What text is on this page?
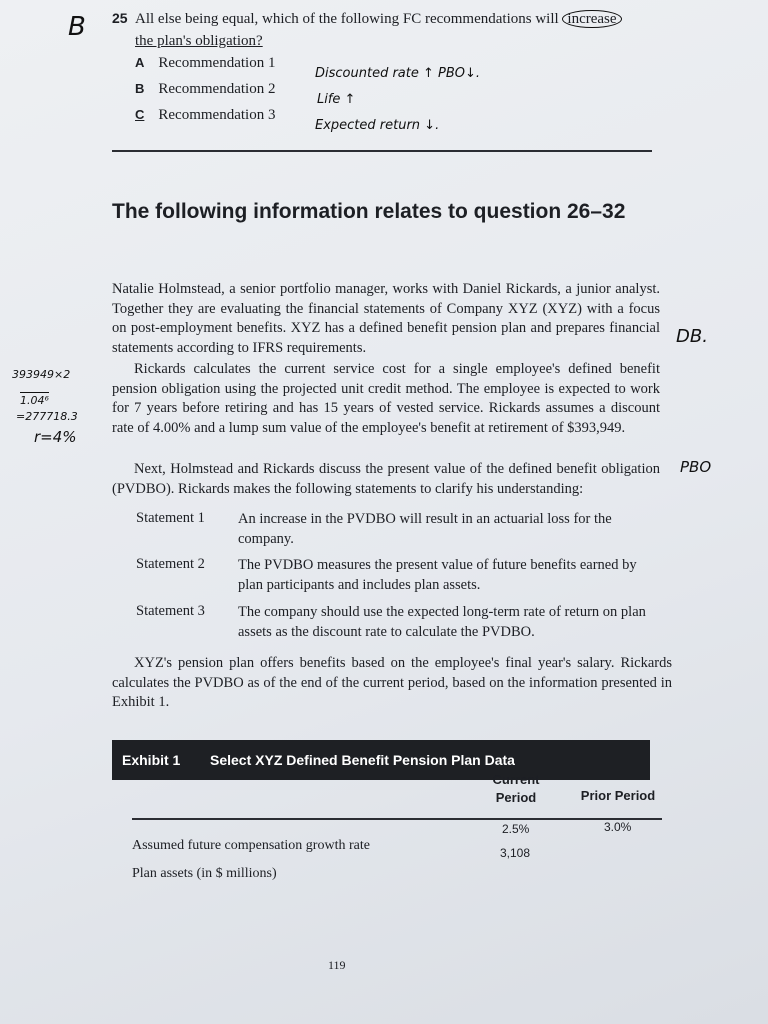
B 25 All else being equal, which of the following FC recommendations will increase
the plan's obligation?
A Recommendation 1
B Recommendation 2
C Recommendation 3
Discounted rate ↑ PBO↓.
Life ↑
Expected return ↓.
The following information relates to question 26–32
Natalie Holmstead, a senior portfolio manager, works with Daniel Rickards, a junior analyst. Together they are evaluating the financial statements of Company XYZ (XYZ) with a focus on post-employment benefits. XYZ has a defined benefit pension plan and prepares financial statements according to IFRS requirements.
DB.
Rickards calculates the current service cost for a single employee's defined benefit pension obligation using the projected unit credit method. The employee is expected to work for 7 years before retiring and has 15 years of vested service. Rickards assumes a discount rate of 4.00% and a lump sum value of the employee's benefit at retirement of $393,949.
393949×2
1.04⁶
=277718.3
r=4%
Next, Holmstead and Rickards discuss the present value of the defined benefit obligation (PVDBO). Rickards makes the following statements to clarify his understanding:
PBO
Statement 1 An increase in the PVDBO will result in an actuarial loss for the company.
Statement 2 The PVDBO measures the present value of future benefits earned by plan participants and includes plan assets.
Statement 3 The company should use the expected long-term rate of return on plan assets as the discount rate to calculate the PVDBO.
XYZ's pension plan offers benefits based on the employee's final year's salary. Rickards calculates the PVDBO as of the end of the current period, based on the information presented in Exhibit 1.
Exhibit 1 Select XYZ Defined Benefit Pension Plan Data
Current Period	Prior Period
Assumed future compensation growth rate
2.5%	3.0%
Plan assets (in $ millions)
3,108
119
